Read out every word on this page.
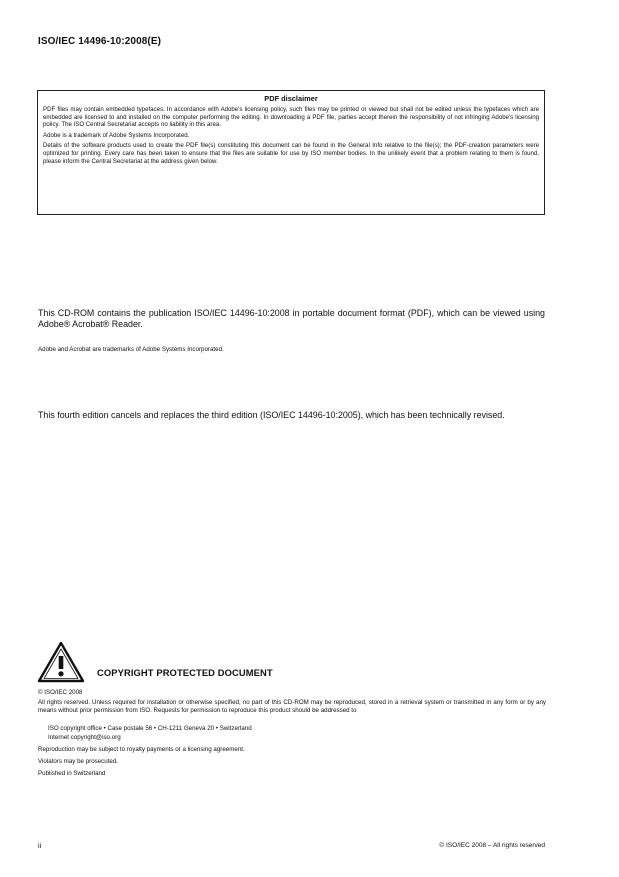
ISO/IEC 14496-10:2008(E)
PDF disclaimer

PDF files may contain embedded typefaces. In accordance with Adobe's licensing policy, such files may be printed or viewed but shall not be edited unless the typefaces which are embedded are licensed to and installed on the computer performing the editing. In downloading a PDF file, parties accept therein the responsibility of not infringing Adobe's licensing policy. The ISO Central Secretariat accepts no liability in this area.

Adobe is a trademark of Adobe Systems Incorporated.

Details of the software products used to create the PDF file(s) constituting this document can be found in the General Info relative to the file(s); the PDF-creation parameters were optimized for printing. Every care has been taken to ensure that the files are suitable for use by ISO member bodies. In the unlikely event that a problem relating to them is found, please inform the Central Secretariat at the address given below.

This CD-ROM contains the publication ISO/IEC 14496-10:2008 in portable document format (PDF), which can be viewed using Adobe® Acrobat® Reader.
Adobe and Acrobat are trademarks of Adobe Systems Incorporated.
This fourth edition cancels and replaces the third edition (ISO/IEC 14496-10:2005), which has been technically revised.
COPYRIGHT PROTECTED DOCUMENT
© ISO/IEC 2008
All rights reserved. Unless required for installation or otherwise specified, no part of this CD-ROM may be reproduced, stored in a retrieval system or transmitted in any form or by any means without prior permission from ISO. Requests for permission to reproduce this product should be addressed to
ISO copyright office • Case postale 56 • CH-1211 Geneva 20 • Switzerland
Internet copyright@iso.org
Reproduction may be subject to royalty payments or a licensing agreement.
Violators may be prosecuted.
Published in Switzerland
ii	© ISO/IEC 2008 – All rights reserved
